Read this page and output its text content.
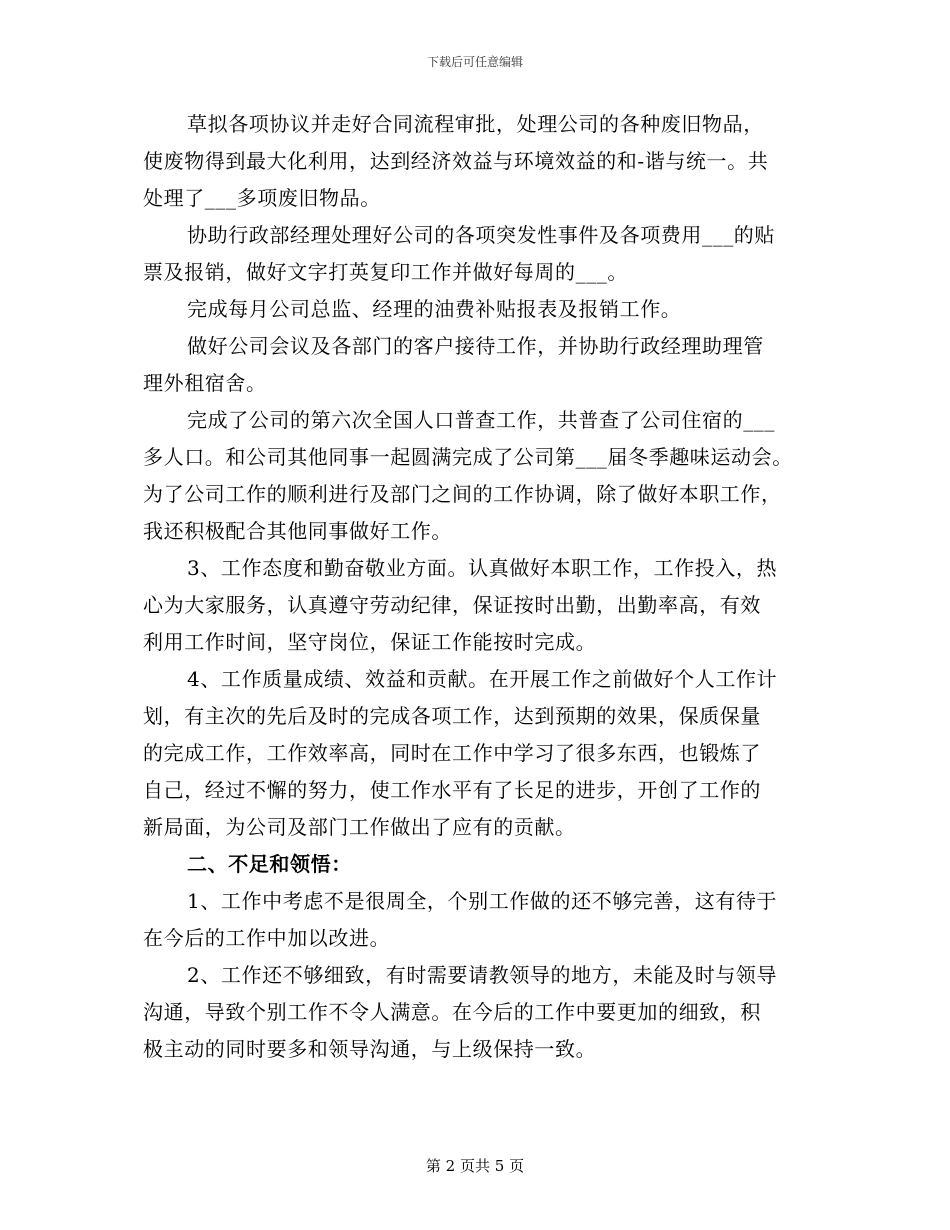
下载后可任意编辑
草拟各项协议并走好合同流程审批，处理公司的各种废旧物品，
使废物得到最大化利用，达到经济效益与环境效益的和-谐与统一。共
处理了___多项废旧物品。
协助行政部经理处理好公司的各项突发性事件及各项费用___的贴
票及报销，做好文字打英复印工作并做好每周的___。
完成每月公司总监、经理的油费补贴报表及报销工作。
做好公司会议及各部门的客户接待工作，并协助行政经理助理管
理外租宿舍。
完成了公司的第六次全国人口普查工作，共普查了公司住宿的___
多人口。和公司其他同事一起圆满完成了公司第___届冬季趣味运动会。
为了公司工作的顺利进行及部门之间的工作协调，除了做好本职工作，
我还积极配合其他同事做好工作。
3、工作态度和勤奋敬业方面。认真做好本职工作，工作投入，热
心为大家服务，认真遵守劳动纪律，保证按时出勤，出勤率高，有效
利用工作时间，坚守岗位，保证工作能按时完成。
4、工作质量成绩、效益和贡献。在开展工作之前做好个人工作计
划，有主次的先后及时的完成各项工作，达到预期的效果，保质保量
的完成工作，工作效率高，同时在工作中学习了很多东西，也锻炼了
自己，经过不懈的努力，使工作水平有了长足的进步，开创了工作的
新局面，为公司及部门工作做出了应有的贡献。
二、不足和领悟：
1、工作中考虑不是很周全，个别工作做的还不够完善，这有待于
在今后的工作中加以改进。
2、工作还不够细致，有时需要请教领导的地方，未能及时与领导
沟通，导致个别工作不令人满意。在今后的工作中要更加的细致，积
极主动的同时要多和领导沟通，与上级保持一致。
第 2 页共 5 页
